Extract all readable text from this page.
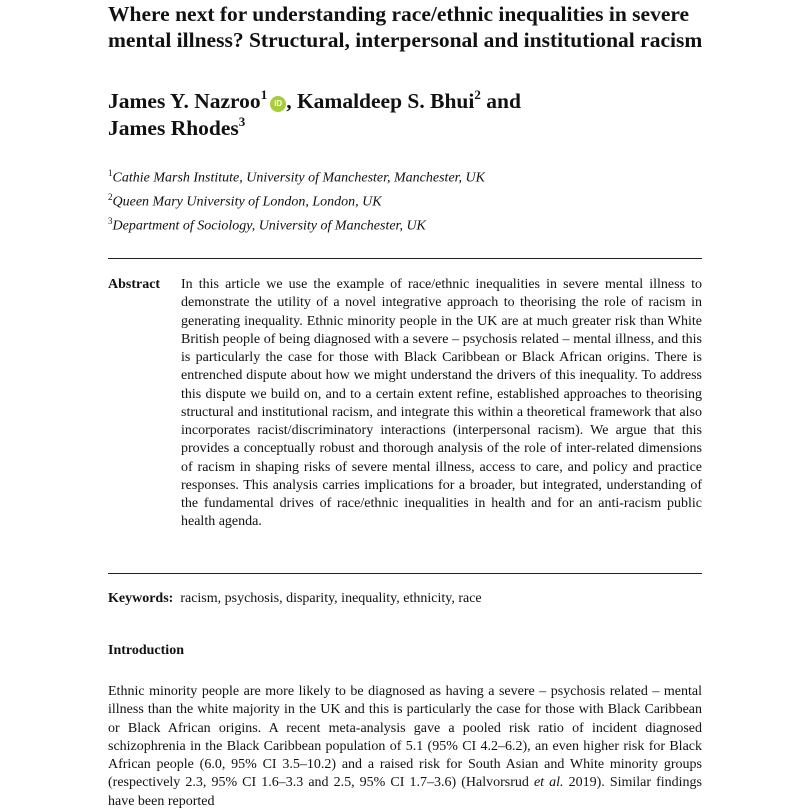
Where next for understanding race/ethnic inequalities in severe mental illness? Structural, interpersonal and institutional racism
James Y. Nazroo$^1$iD , Kamaldeep S. Bhui$^2$ and
James Rhodes$^3$
$^1$Cathie Marsh Institute, University of Manchester, Manchester, UK
$^2$Queen Mary University of London, London, UK
$^3$Department of Sociology, University of Manchester, UK
Abstract In this article we use the example of race/ethnic inequalities in severe mental illness to demonstrate the utility of a novel integrative approach to theorising the role of racism in generating inequality. Ethnic minority people in the UK are at much greater risk than White British people of being diagnosed with a severe – psychosis related – mental illness, and this is particularly the case for those with Black Caribbean or Black African origins. There is entrenched dispute about how we might understand the drivers of this inequality. To address this dispute we build on, and to a certain extent refine, established approaches to theorising structural and institutional racism, and integrate this within a theoretical framework that also incorporates racist/discriminatory interactions (interpersonal racism). We argue that this provides a conceptually robust and thorough analysis of the role of inter-related dimensions of racism in shaping risks of severe mental illness, access to care, and policy and practice responses. This analysis carries implications for a broader, but integrated, understanding of the fundamental drives of race/ethnic inequalities in health and for an anti-racism public health agenda.
Keywords: racism, psychosis, disparity, inequality, ethnicity, race
Introduction
Ethnic minority people are more likely to be diagnosed as having a severe – psychosis related – mental illness than the white majority in the UK and this is particularly the case for those with Black Caribbean or Black African origins. A recent meta-analysis gave a pooled risk ratio of incident diagnosed schizophrenia in the Black Caribbean population of 5.1 (95% CI 4.2–6.2), an even higher risk for Black African people (6.0, 95% CI 3.5–10.2) and a raised risk for South Asian and White minority groups (respectively 2.3, 95% CI 1.6–3.3 and 2.5, 95% CI 1.7–3.6) (Halvorsrud et al. 2019). Similar findings have been reported
